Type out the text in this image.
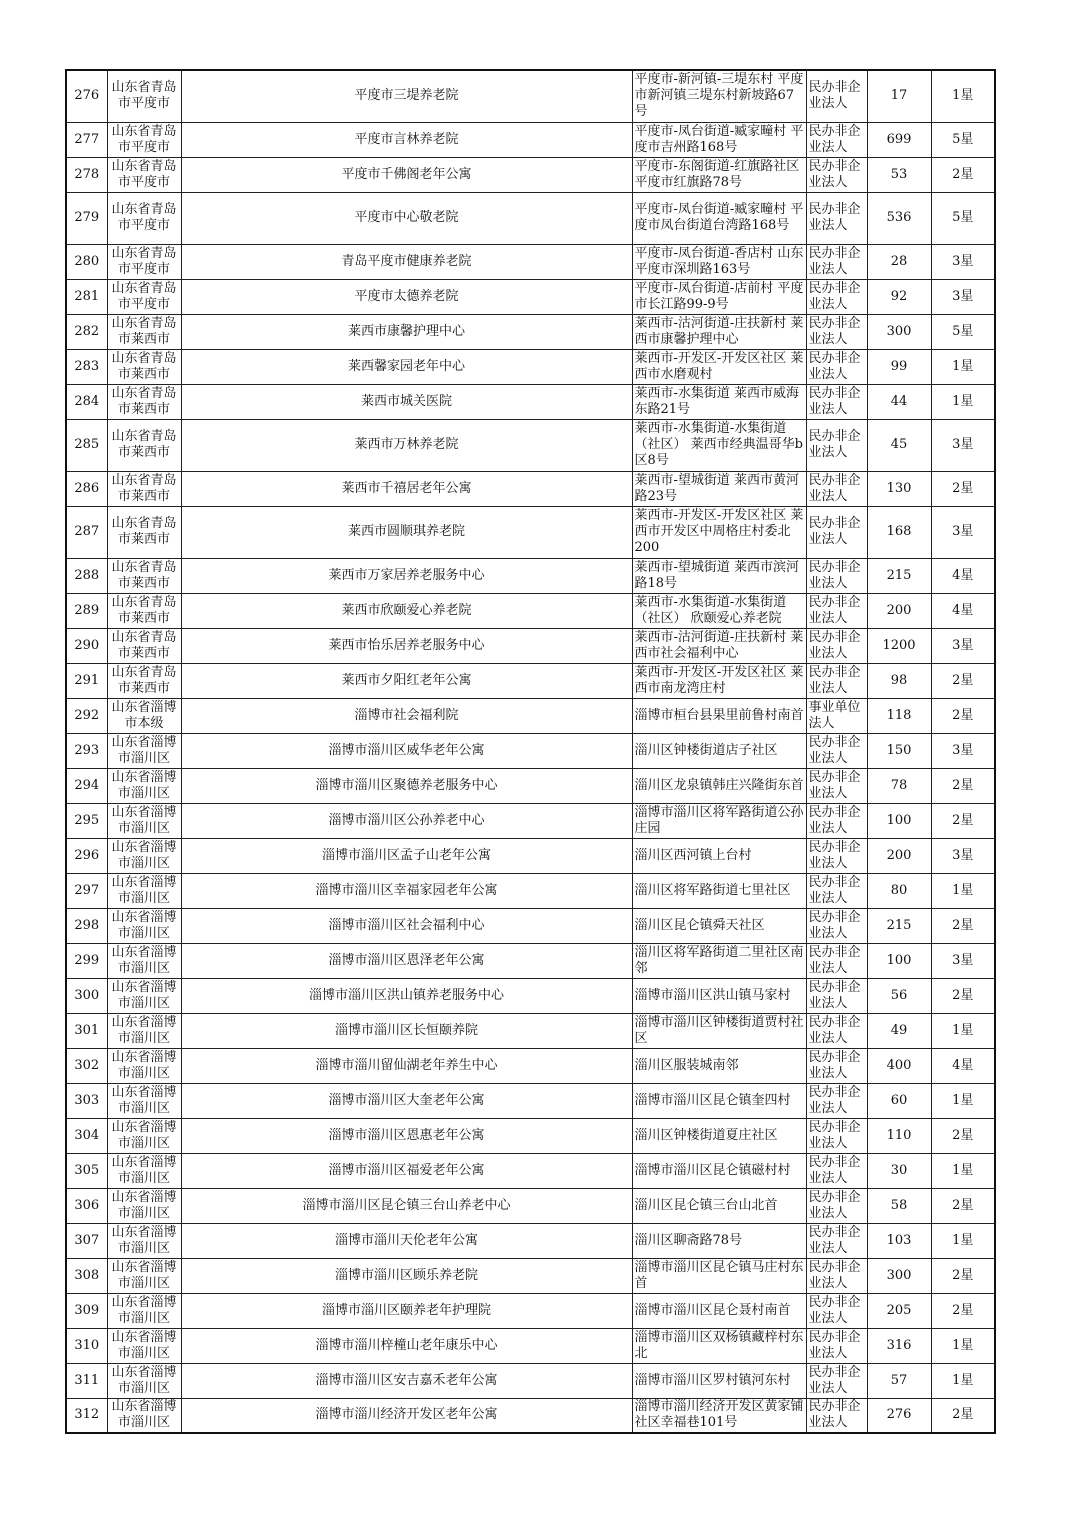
276	山东省青岛市平度市	平度市三堤养老院	平度市-新河镇-三堤东村 平度市新河镇三堤东村新坡路67号	民办非企业法人	17	1星
277	山东省青岛市平度市	平度市言林养老院	平度市-凤台街道-臧家疃村 平度市吉州路168号	民办非企业法人	699	5星
278	山东省青岛市平度市	平度市千佛阁老年公寓	平度市-东阁街道-红旗路社区 平度市红旗路78号	民办非企业法人	53	2星
279	山东省青岛市平度市	平度市中心敬老院	平度市-凤台街道-臧家疃村 平度市凤台街道台湾路168号	民办非企业法人	536	5星
280	山东省青岛市平度市	青岛平度市健康养老院	平度市-凤台街道-香店村 山东平度市深圳路163号	民办非企业法人	28	3星
281	山东省青岛市平度市	平度市太德养老院	平度市-凤台街道-店前村 平度市长江路99-9号	民办非企业法人	92	3星
282	山东省青岛市莱西市	莱西市康馨护理中心	莱西市-沽河街道-庄扶新村 莱西市康馨护理中心	民办非企业法人	300	5星
283	山东省青岛市莱西市	莱西馨家园老年中心	莱西市-开发区-开发区社区 莱西市水磨观村	民办非企业法人	99	1星
284	山东省青岛市莱西市	莱西市城关医院	莱西市-水集街道 莱西市威海东路21号	民办非企业法人	44	1星
285	山东省青岛市莱西市	莱西市万林养老院	莱西市-水集街道-水集街道（社区） 莱西市经典温哥华b区8号	民办非企业法人	45	3星
286	山东省青岛市莱西市	莱西市千禧居老年公寓	莱西市-望城街道 莱西市黄河路23号	民办非企业法人	130	2星
287	山东省青岛市莱西市	莱西市圆顺琪养老院	莱西市-开发区-开发区社区 莱西市开发区中周格庄村委北200	民办非企业法人	168	3星
288	山东省青岛市莱西市	莱西市万家居养老服务中心	莱西市-望城街道 莱西市滨河路18号	民办非企业法人	215	4星
289	山东省青岛市莱西市	莱西市欣颐爱心养老院	莱西市-水集街道-水集街道（社区） 欣颐爱心养老院	民办非企业法人	200	4星
290	山东省青岛市莱西市	莱西市怡乐居养老服务中心	莱西市-沽河街道-庄扶新村 莱西市社会福利中心	民办非企业法人	1200	3星
291	山东省青岛市莱西市	莱西市夕阳红老年公寓	莱西市-开发区-开发区社区 莱西市南龙湾庄村	民办非企业法人	98	2星
292	山东省淄博市本级	淄博市社会福利院	淄博市桓台县果里前鲁村南首	事业单位法人	118	2星
293	山东省淄博市淄川区	淄博市淄川区威华老年公寓	淄川区钟楼街道店子社区	民办非企业法人	150	3星
294	山东省淄博市淄川区	淄博市淄川区聚德养老服务中心	淄川区龙泉镇韩庄兴隆街东首	民办非企业法人	78	2星
295	山东省淄博市淄川区	淄博市淄川区公孙养老中心	淄博市淄川区将军路街道公孙庄园	民办非企业法人	100	2星
296	山东省淄博市淄川区	淄博市淄川区孟子山老年公寓	淄川区西河镇上台村	民办非企业法人	200	3星
297	山东省淄博市淄川区	淄博市淄川区幸福家园老年公寓	淄川区将军路街道七里社区	民办非企业法人	80	1星
298	山东省淄博市淄川区	淄博市淄川区社会福利中心	淄川区昆仑镇舜天社区	民办非企业法人	215	2星
299	山东省淄博市淄川区	淄博市淄川区恩泽老年公寓	淄川区将军路街道二里社区南邻	民办非企业法人	100	3星
300	山东省淄博市淄川区	淄博市淄川区洪山镇养老服务中心	淄博市淄川区洪山镇马家村	民办非企业法人	56	2星
301	山东省淄博市淄川区	淄博市淄川区长恒颐养院	淄博市淄川区钟楼街道贾村社区	民办非企业法人	49	1星
302	山东省淄博市淄川区	淄博市淄川留仙湖老年养生中心	淄川区服装城南邻	民办非企业法人	400	4星
303	山东省淄博市淄川区	淄博市淄川区大奎老年公寓	淄博市淄川区昆仑镇奎四村	民办非企业法人	60	1星
304	山东省淄博市淄川区	淄博市淄川区恩惠老年公寓	淄川区钟楼街道夏庄社区	民办非企业法人	110	2星
305	山东省淄博市淄川区	淄博市淄川区福爱老年公寓	淄博市淄川区昆仑镇磁村村	民办非企业法人	30	1星
306	山东省淄博市淄川区	淄博市淄川区昆仑镇三台山养老中心	淄川区昆仑镇三台山北首	民办非企业法人	58	2星
307	山东省淄博市淄川区	淄博市淄川天伦老年公寓	淄川区聊斋路78号	民办非企业法人	103	1星
308	山东省淄博市淄川区	淄博市淄川区顾乐养老院	淄博市淄川区昆仑镇马庄村东首	民办非企业法人	300	2星
309	山东省淄博市淄川区	淄博市淄川区颐养老年护理院	淄博市淄川区昆仑聂村南首	民办非企业法人	205	2星
310	山东省淄博市淄川区	淄博市淄川梓橦山老年康乐中心	淄博市淄川区双杨镇藏梓村东北	民办非企业法人	316	1星
311	山东省淄博市淄川区	淄博市淄川区安吉嘉禾老年公寓	淄博市淄川区罗村镇河东村	民办非企业法人	57	1星
312	山东省淄博市淄川区	淄博市淄川经济开发区老年公寓	淄博市淄川经济开发区黄家铺社区幸福巷101号	民办非企业法人	276	2星
